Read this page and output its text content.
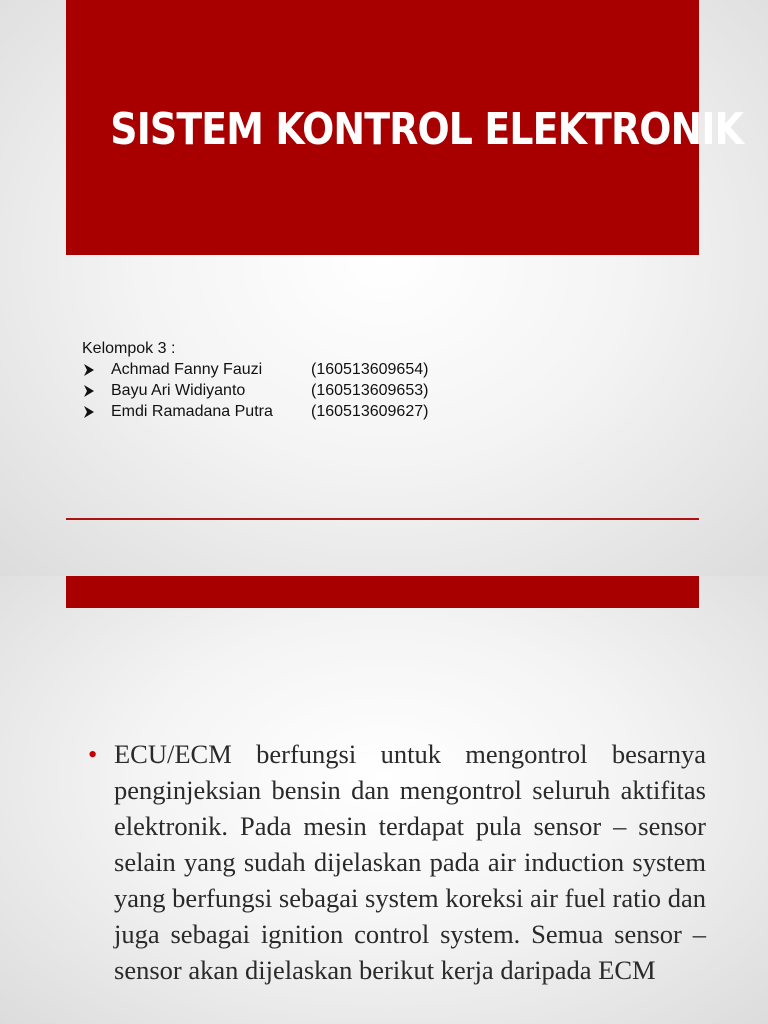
SISTEM KONTROL ELEKTRONIK
Kelompok 3 :
Achmad Fanny Fauzi	(160513609654)
Bayu Ari Widiyanto	(160513609653)
Emdi Ramadana Putra	(160513609627)
• ECU/ECM berfungsi untuk mengontrol besarnya penginjeksian bensin dan mengontrol seluruh aktifitas elektronik. Pada mesin terdapat pula sensor – sensor selain yang sudah dijelaskan pada air induction system yang berfungsi sebagai system koreksi air fuel ratio dan juga sebagai ignition control system. Semua sensor – sensor akan dijelaskan berikut kerja daripada ECM
